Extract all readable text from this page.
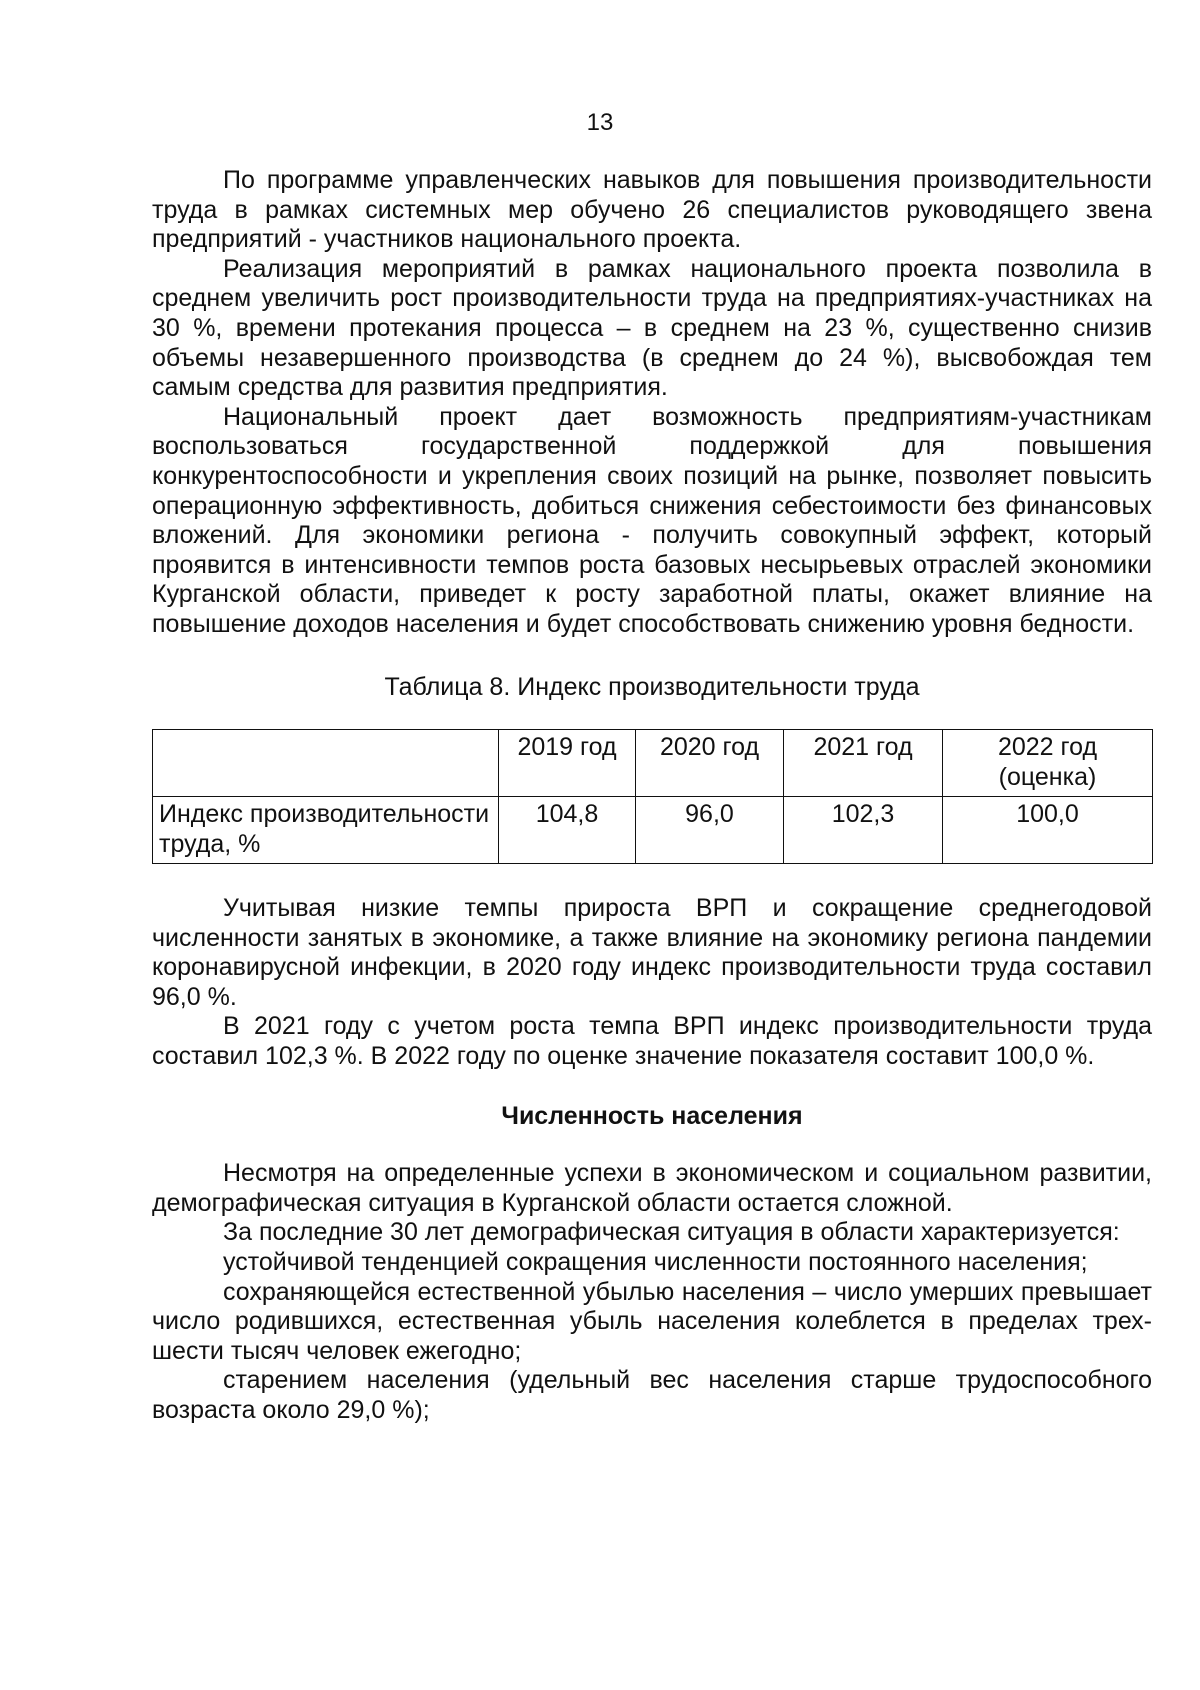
13

По программе управленческих навыков для повышения производительности труда в рамках системных мер обучено 26 специалистов руководящего звена предприятий - участников национального проекта.

Реализация мероприятий в рамках национального проекта позволила в среднем увеличить рост производительности труда на предприятиях-участниках на 30 %, времени протекания процесса – в среднем на 23 %, существенно снизив объемы незавершенного производства (в среднем до 24 %), высвобождая тем самым средства для развития предприятия.

Национальный проект дает возможность предприятиям-участникам воспользоваться государственной поддержкой для повышения конкурентоспособности и укрепления своих позиций на рынке, позволяет повысить операционную эффективность, добиться снижения себестоимости без финансовых вложений. Для экономики региона - получить совокупный эффект, который проявится в интенсивности темпов роста базовых несырьевых отраслей экономики Курганской области, приведет к росту заработной платы, окажет влияние на повышение доходов населения и будет способствовать снижению уровня бедности.

Таблица 8. Индекс производительности труда

	2019 год	2020 год	2021 год	2022 год (оценка)
Индекс производительности труда, %	104,8	96,0	102,3	100,0

Учитывая низкие темпы прироста ВРП и сокращение среднегодовой численности занятых в экономике, а также влияние на экономику региона пандемии коронавирусной инфекции, в 2020 году индекс производительности труда составил 96,0 %.

В 2021 году с учетом роста темпа ВРП индекс производительности труда составил 102,3 %. В 2022 году по оценке значение показателя составит 100,0 %.

Численность населения

Несмотря на определенные успехи в экономическом и социальном развитии, демографическая ситуация в Курганской области остается сложной.

За последние 30 лет демографическая ситуация в области характеризуется:

устойчивой тенденцией сокращения численности постоянного населения;

сохраняющейся естественной убылью населения – число умерших превышает число родившихся, естественная убыль населения колеблется в пределах трех-шести тысяч человек ежегодно;

старением населения (удельный вес населения старше трудоспособного возраста около 29,0 %);
